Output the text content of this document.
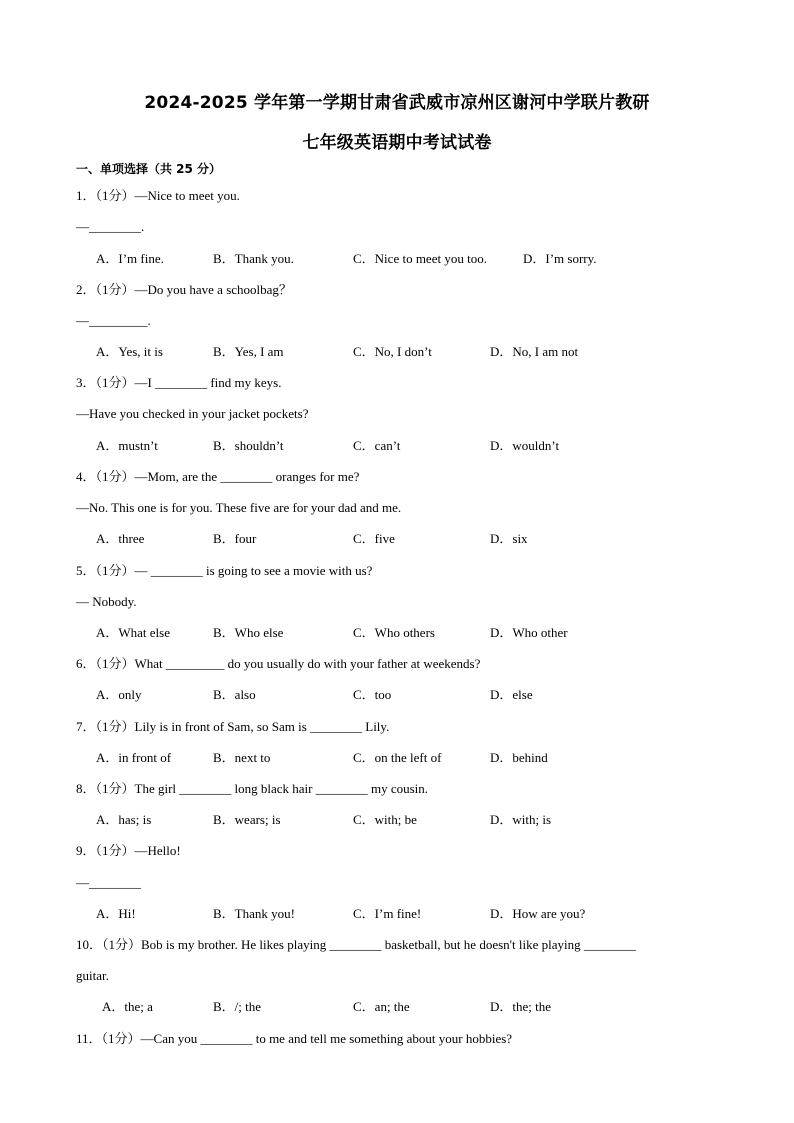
2024-2025 学年第一学期甘肃省武威市凉州区谢河中学联片教研
七年级英语期中考试试卷
一、单项选择（共 25 分）
1．（1分）—Nice to meet you.
—________.
A．I’m fine.	B．Thank you.	C．Nice to meet you too.	D．I’m sorry.
2．（1分）—Do you have a schoolbag？
—_________.
A．Yes, it is	B．Yes, I am	C．No, I don’t	D．No, I am not
3．（1分）—I ________ find my keys.
—Have you checked in your jacket pockets?
A．mustn’t	B．shouldn’t	C．can’t	D．wouldn’t
4．（1分）—Mom, are the ________ oranges for me?
—No. This one is for you. These five are for your dad and me.
A．three	B．four	C．five	D．six
5．（1分）— ________ is going to see a movie with us?
— Nobody.
A．What else	B．Who else	C．Who others	D．Who other
6．（1分）What _________ do you usually do with your father at weekends?
A．only	B．also	C．too	D．else
7．（1分）Lily is in front of Sam, so Sam is ________ Lily.
A．in front of	B．next to	C．on the left of	D．behind
8．（1分）The girl ________ long black hair ________ my cousin.
A．has; is	B．wears; is	C．with; be	D．with; is
9．（1分）—Hello!
—________
A．Hi!	B．Thank you!	C．I’m fine!	D．How are you?
10．（1分）Bob is my brother. He likes playing ________ basketball, but he doesn't like playing ________
guitar.
A．the; a	B．/; the	C．an; the	D．the; the
11．（1分）—Can you ________ to me and tell me something about your hobbies?
